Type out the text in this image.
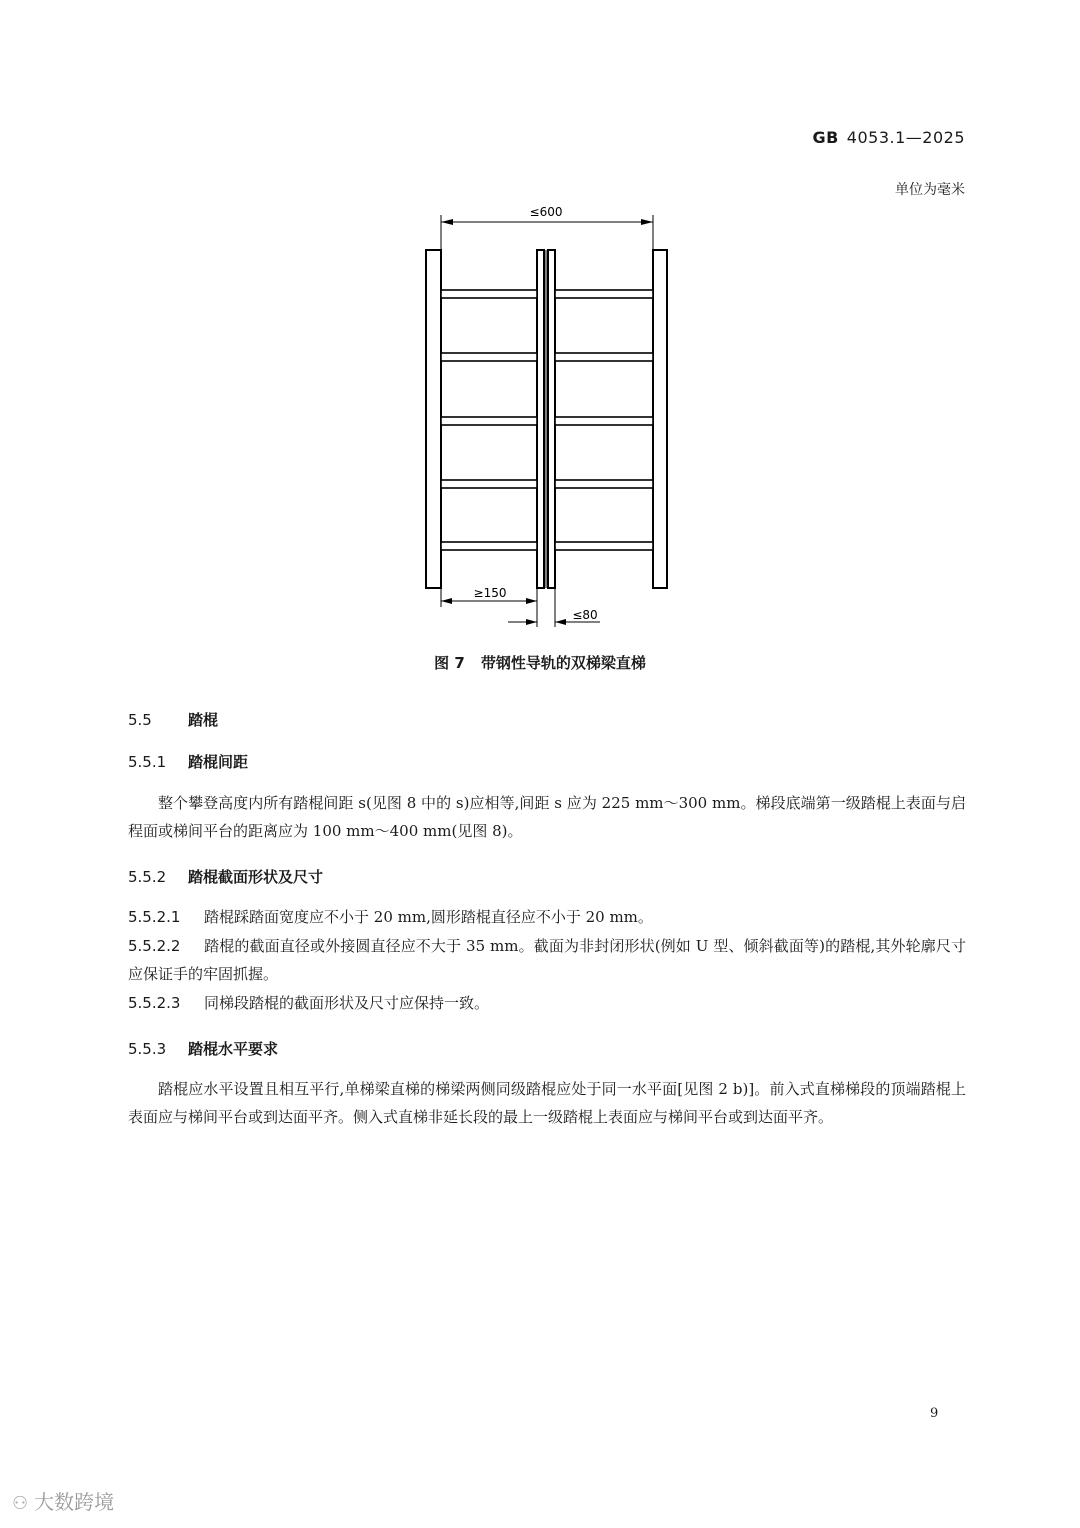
GB 4053.1—2025
单位为毫米
≤600
≥150
≤80
图 7 带钢性导轨的双梯梁直梯
5.5 踏棍
5.5.1 踏棍间距
整个攀登高度内所有踏棍间距 s(见图 8 中的 s)应相等,间距 s 应为 225 mm～300 mm。梯段底端第一级踏棍上表面与启程面或梯间平台的距离应为 100 mm～400 mm(见图 8)。
5.5.2 踏棍截面形状及尺寸
5.5.2.1 踏棍踩踏面宽度应不小于 20 mm,圆形踏棍直径应不小于 20 mm。
5.5.2.2 踏棍的截面直径或外接圆直径应不大于 35 mm。截面为非封闭形状(例如 U 型、倾斜截面等)的踏棍,其外轮廓尺寸应保证手的牢固抓握。
5.5.2.3 同梯段踏棍的截面形状及尺寸应保持一致。
5.5.3 踏棍水平要求
踏棍应水平设置且相互平行,单梯梁直梯的梯梁两侧同级踏棍应处于同一水平面[见图 2 b)]。前入式直梯梯段的顶端踏棍上表面应与梯间平台或到达面平齐。侧入式直梯非延长段的最上一级踏棍上表面应与梯间平台或到达面平齐。
9
⚇ 大数跨境
